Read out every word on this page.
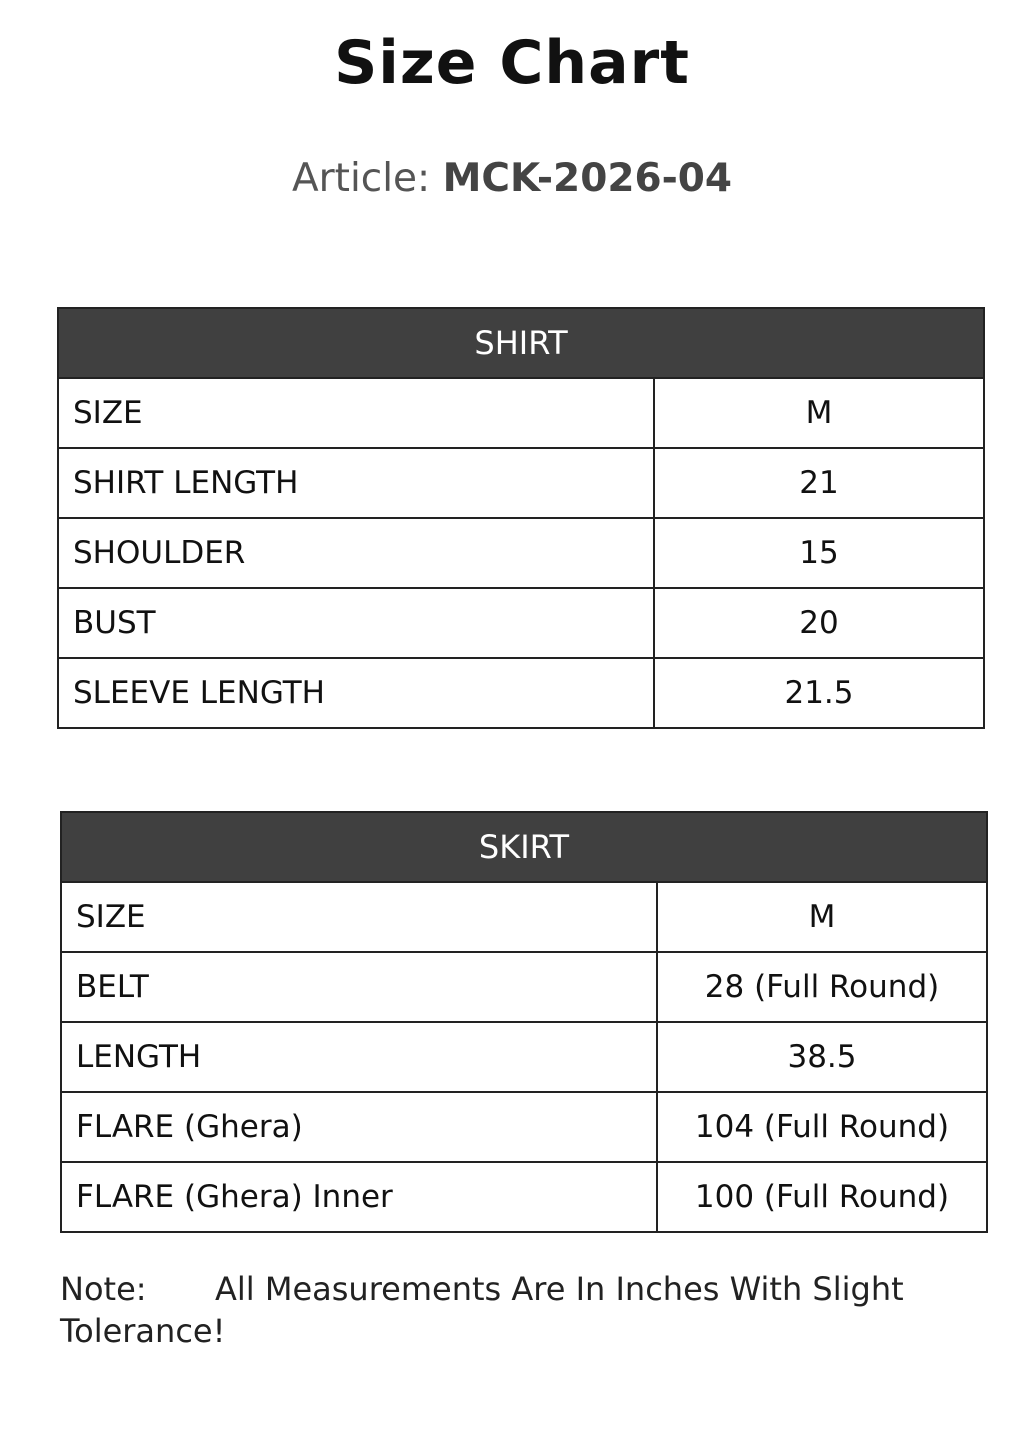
Size Chart
Article: MCK-2026-04
SHIRT	
SIZE	M
SHIRT LENGTH	21
SHOULDER	15
BUST	20
SLEEVE LENGTH	21.5
SKIRT	
SIZE	M
BELT	28 (Full Round)
LENGTH	38.5
FLARE (Ghera)	104 (Full Round)
FLARE (Ghera) Inner	100 (Full Round)
Note: All Measurements Are In Inches With Slight Tolerance!
